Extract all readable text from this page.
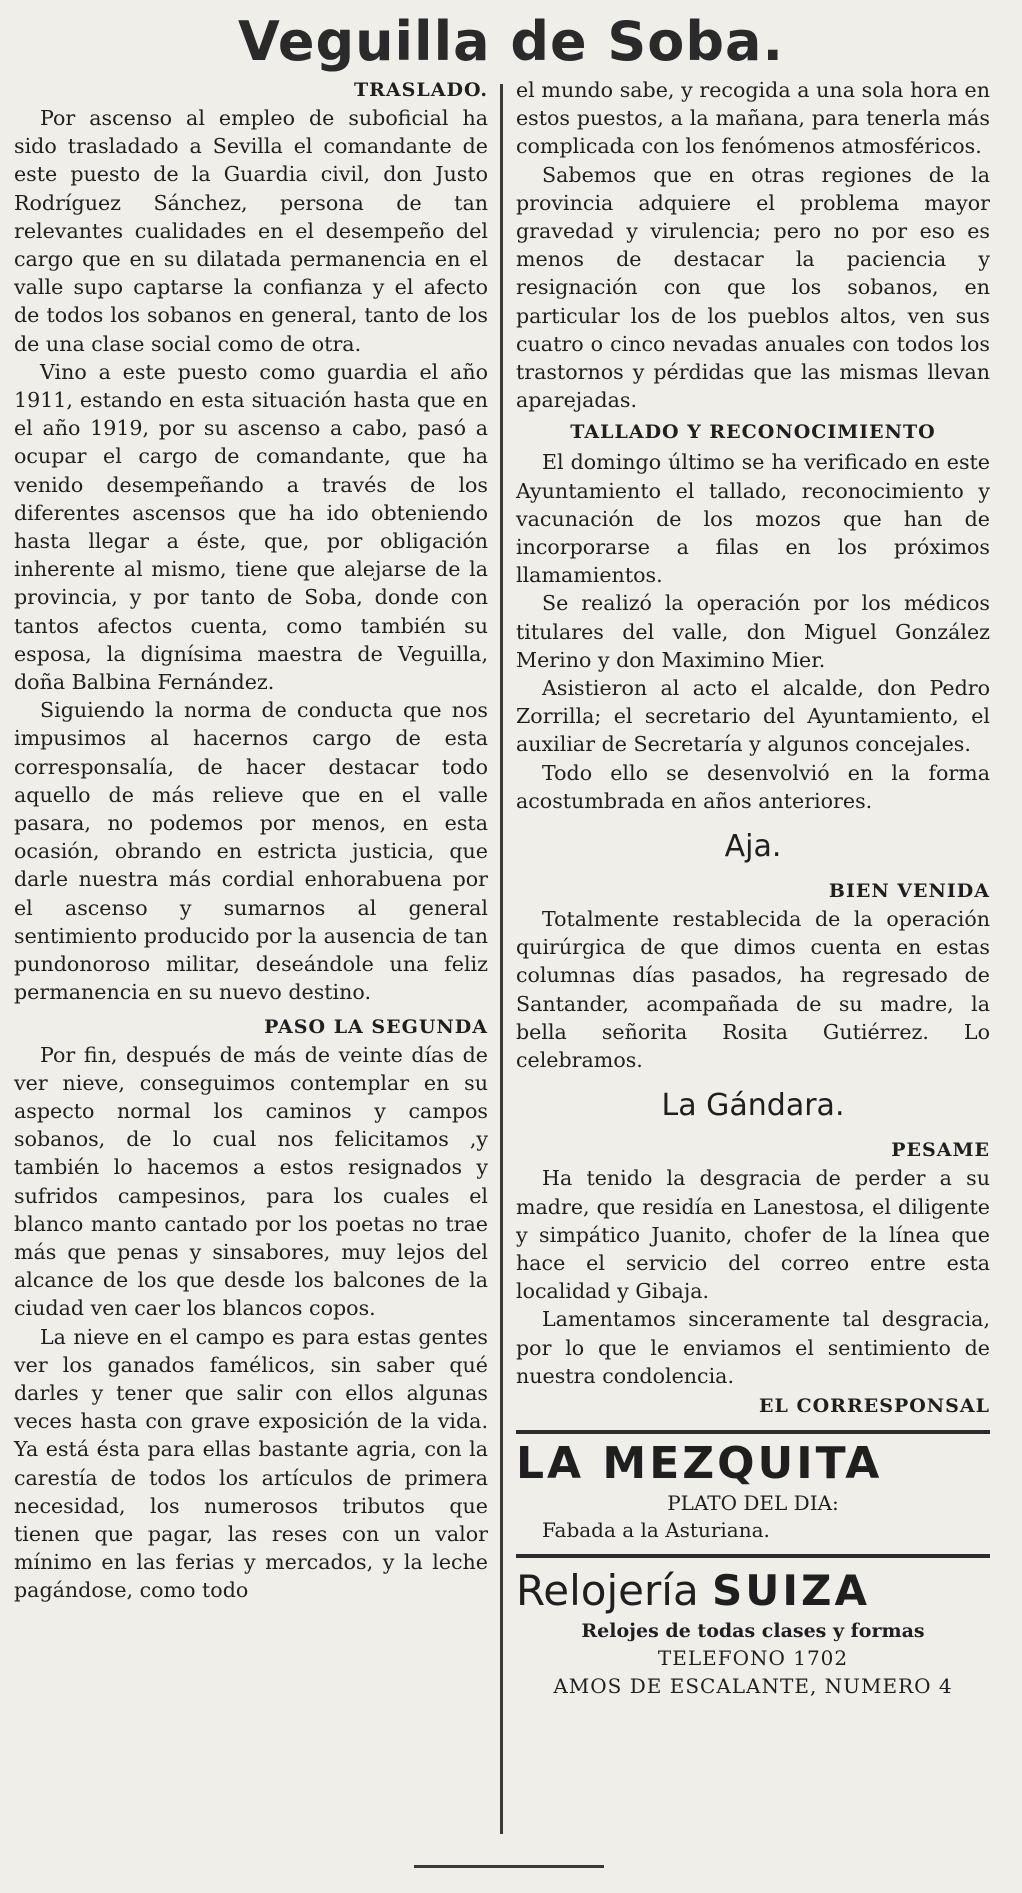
Veguilla de Soba.
TRASLADO.

Por ascenso al empleo de suboficial ha sido trasladado a Sevilla el comandante de este puesto de la Guardia civil, don Justo Rodríguez Sánchez, persona de tan relevantes cualidades en el desempeño del cargo que en su dilatada permanencia en el valle supo captarse la confianza y el afecto de todos los sobanos en general, tanto de los de una clase social como de otra.

Vino a este puesto como guardia el año 1911, estando en esta situación hasta que en el año 1919, por su ascenso a cabo, pasó a ocupar el cargo de comandante, que ha venido desempeñando a través de los diferentes ascensos que ha ido obteniendo hasta llegar a éste, que, por obligación inherente al mismo, tiene que alejarse de la provincia, y por tanto de Soba, donde con tantos afectos cuenta, como también su esposa, la dignísima maestra de Veguilla, doña Balbina Fernández.

Siguiendo la norma de conducta que nos impusimos al hacernos cargo de esta corresponsalía, de hacer destacar todo aquello de más relieve que en el valle pasara, no podemos por menos, en esta ocasión, obrando en estricta justicia, que darle nuestra más cordial enhorabuena por el ascenso y sumarnos al general sentimiento producido por la ausencia de tan pundonoroso militar, deseándole una feliz permanencia en su nuevo destino.

PASO LA SEGUNDA

Por fin, después de más de veinte días de ver nieve, conseguimos contemplar en su aspecto normal los caminos y campos sobanos, de lo cual nos felicitamos ,y también lo hacemos a estos resignados y sufridos campesinos, para los cuales el blanco manto cantado por los poetas no trae más que penas y sinsabores, muy lejos del alcance de los que desde los balcones de la ciudad ven caer los blancos copos.

La nieve en el campo es para estas gentes ver los ganados famélicos, sin saber qué darles y tener que salir con ellos algunas veces hasta con grave exposición de la vida. Ya está ésta para ellas bastante agria, con la carestía de todos los artículos de primera necesidad, los numerosos tributos que tienen que pagar, las reses con un valor mínimo en las ferias y mercados, y la leche pagándose, como todo

el mundo sabe, y recogida a una sola hora en estos puestos, a la mañana, para tenerla más complicada con los fenómenos atmosféricos.

Sabemos que en otras regiones de la provincia adquiere el problema mayor gravedad y virulencia; pero no por eso es menos de destacar la paciencia y resignación con que los sobanos, en particular los de los pueblos altos, ven sus cuatro o cinco nevadas anuales con todos los trastornos y pérdidas que las mismas llevan aparejadas.

TALLADO Y RECONOCIMIENTO

El domingo último se ha verificado en este Ayuntamiento el tallado, reconocimiento y vacunación de los mozos que han de incorporarse a filas en los próximos llamamientos.

Se realizó la operación por los médicos titulares del valle, don Miguel González Merino y don Maximino Mier.

Asistieron al acto el alcalde, don Pedro Zorrilla; el secretario del Ayuntamiento, el auxiliar de Secretaría y algunos concejales.

Todo ello se desenvolvió en la forma acostumbrada en años anteriores.

Aja.
BIEN VENIDA

Totalmente restablecida de la operación quirúrgica de que dimos cuenta en estas columnas días pasados, ha regresado de Santander, acompañada de su madre, la bella señorita Rosita Gutiérrez. Lo celebramos.

La Gándara.
PESAME

Ha tenido la desgracia de perder a su madre, que residía en Lanestosa, el diligente y simpático Juanito, chofer de la línea que hace el servicio del correo entre esta localidad y Gibaja.

Lamentamos sinceramente tal desgracia, por lo que le enviamos el sentimiento de nuestra condolencia.

EL CORRESPONSAL
LA MEZQUITA
PLATO DEL DIA:
Fabada a la Asturiana.
Relojería SUIZA
Relojes de todas clases y formas
TELEFONO 1702
AMOS DE ESCALANTE, NUMERO 4
